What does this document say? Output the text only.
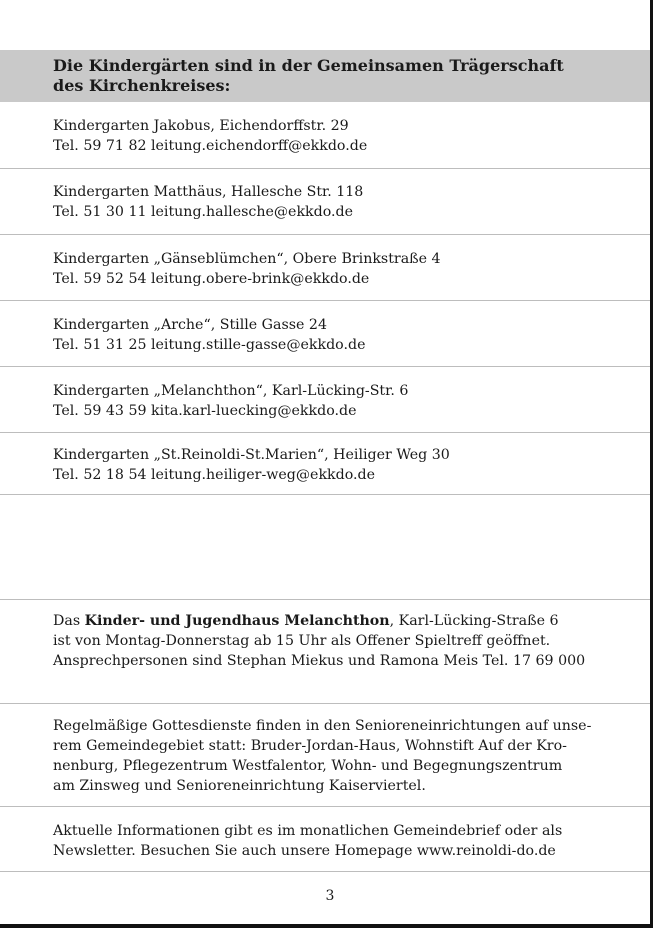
Die Kindergärten sind in der Gemeinsamen Trägerschaft
des Kirchenkreises:
Kindergarten Jakobus, Eichendorffstr. 29
Tel. 59 71 82 leitung.eichendorff@ekkdo.de
Kindergarten Matthäus, Hallesche Str. 118
Tel. 51 30 11 leitung.hallesche@ekkdo.de
Kindergarten „Gänseblümchen“, Obere Brinkstraße 4
Tel. 59 52 54 leitung.obere-brink@ekkdo.de
Kindergarten „Arche“, Stille Gasse 24
Tel. 51 31 25 leitung.stille-gasse@ekkdo.de
Kindergarten „Melanchthon“, Karl-Lücking-Str. 6
Tel. 59 43 59 kita.karl-luecking@ekkdo.de
Kindergarten „St.Reinoldi-St.Marien“, Heiliger Weg 30
Tel. 52 18 54 leitung.heiliger-weg@ekkdo.de
Das Kinder- und Jugendhaus Melanchthon, Karl-Lücking-Straße 6
ist von Montag-Donnerstag ab 15 Uhr als Offener Spieltreff geöffnet.
Ansprechpersonen sind Stephan Miekus und Ramona Meis Tel. 17 69 000
Regelmäßige Gottesdienste finden in den Senioreneinrichtungen auf unse-
rem Gemeindegebiet statt: Bruder-Jordan-Haus, Wohnstift Auf der Kro-
nenburg, Pflegezentrum Westfalentor, Wohn- und Begegnungszentrum
am Zinsweg und Senioreneinrichtung Kaiserviertel.
Aktuelle Informationen gibt es im monatlichen Gemeindebrief oder als
Newsletter. Besuchen Sie auch unsere Homepage www.reinoldi-do.de
3
